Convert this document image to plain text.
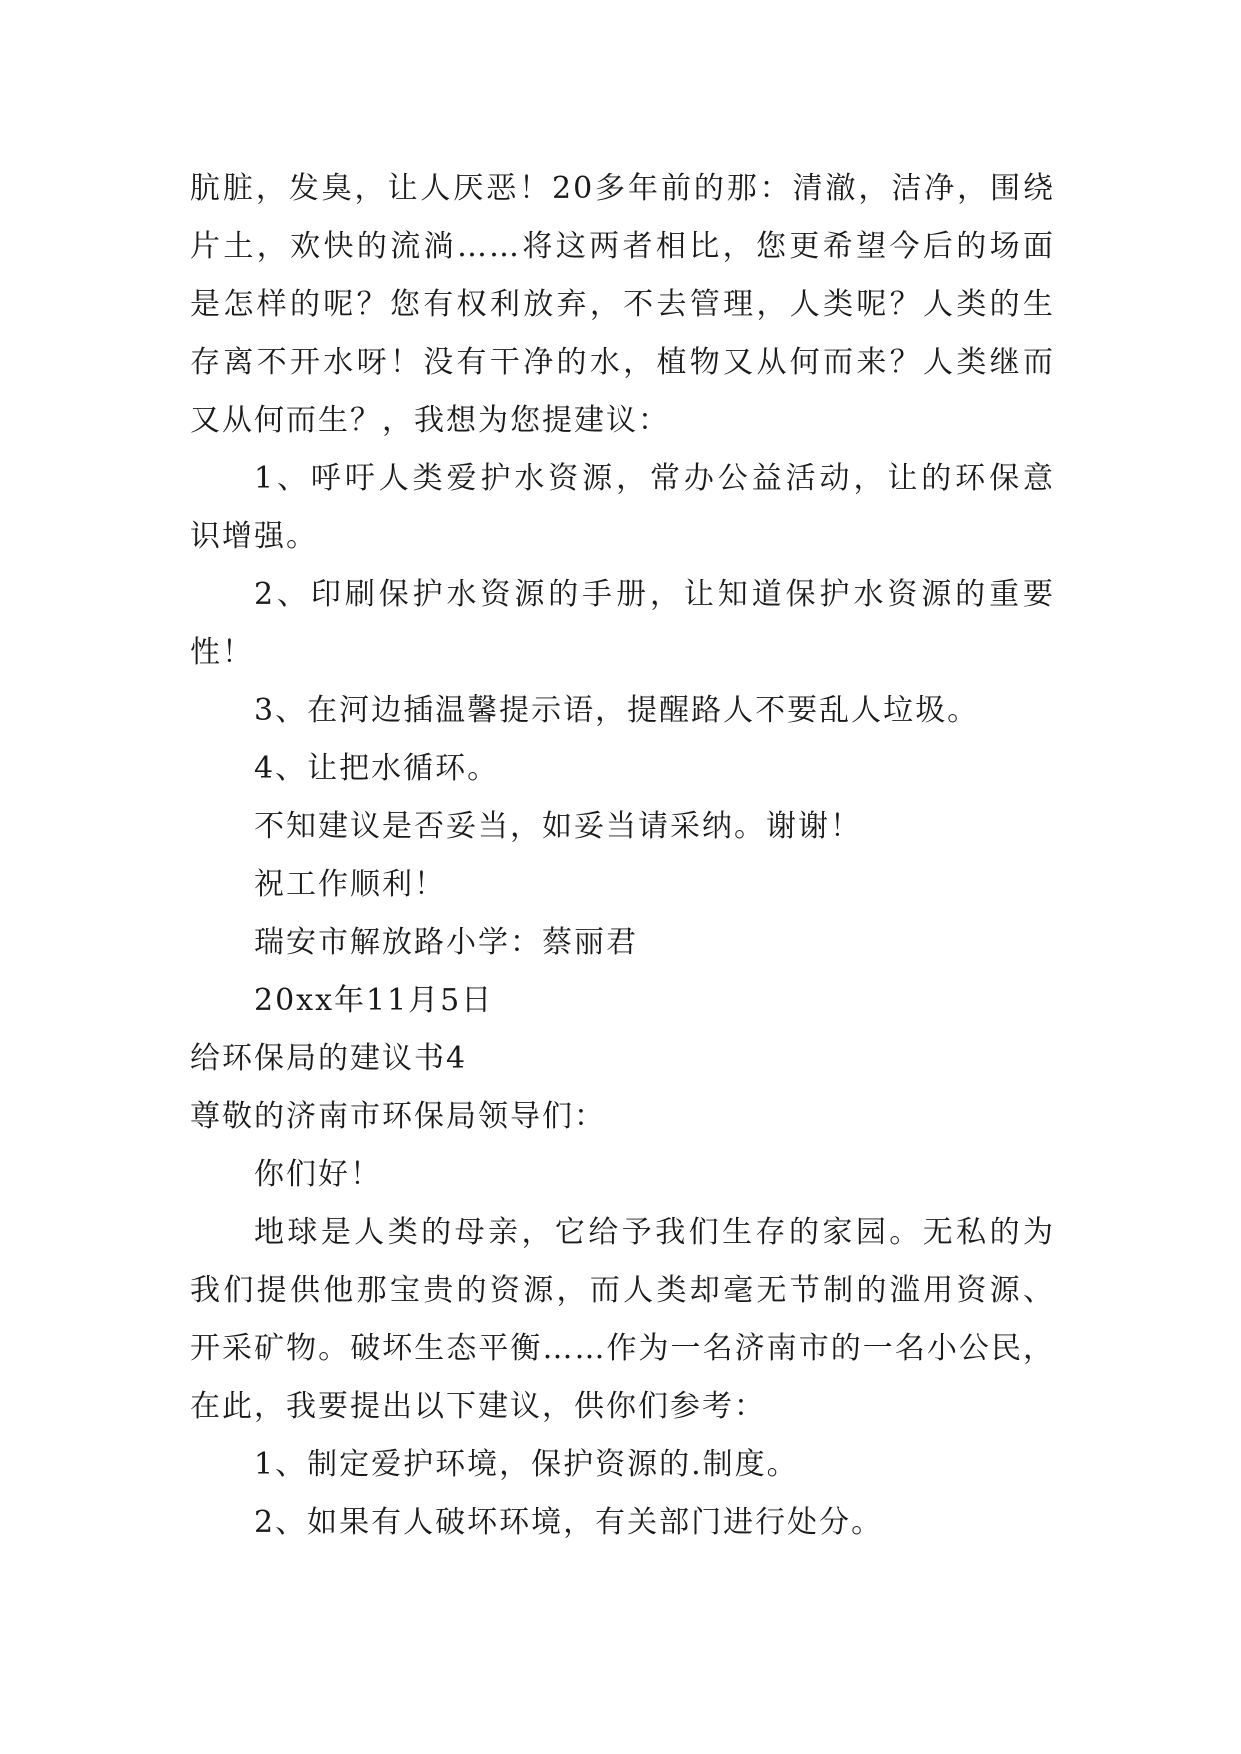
肮脏，发臭，让人厌恶！20多年前的那：清澈，洁净，围绕

片土，欢快的流淌……将这两者相比，您更希望今后的场面

是怎样的呢？您有权利放弃，不去管理，人类呢？人类的生

存离不开水呀！没有干净的水，植物又从何而来？人类继而

又从何而生？，我想为您提建议：

1、呼吁人类爱护水资源，常办公益活动，让的环保意

识增强。

2、印刷保护水资源的手册，让知道保护水资源的重要

性！

3、在河边插温馨提示语，提醒路人不要乱人垃圾。

4、让把水循环。

不知建议是否妥当，如妥当请采纳。谢谢！

祝工作顺利！

瑞安市解放路小学：蔡丽君

20xx年11月5日

给环保局的建议书4

尊敬的济南市环保局领导们：

你们好！

地球是人类的母亲，它给予我们生存的家园。无私的为

我们提供他那宝贵的资源，而人类却毫无节制的滥用资源、

开采矿物。破坏生态平衡……作为一名济南市的一名小公民，

在此，我要提出以下建议，供你们参考：

1、制定爱护环境，保护资源的.制度。

2、如果有人破坏环境，有关部门进行处分。
